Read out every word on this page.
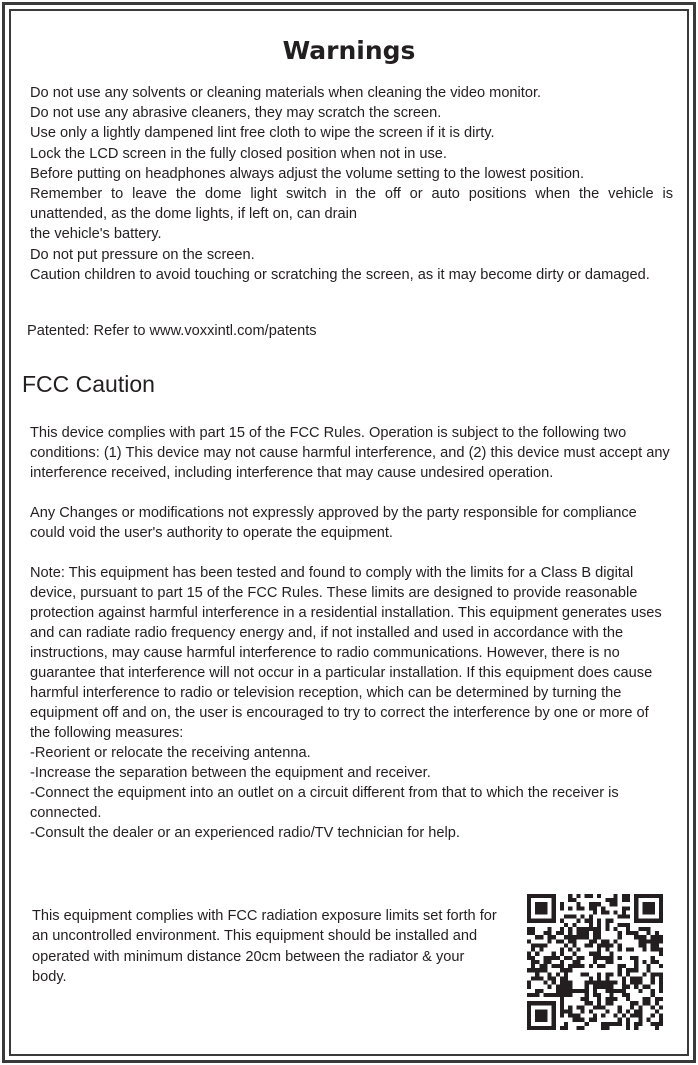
Warnings
Do not use any solvents or cleaning materials when cleaning the video monitor.
Do not use any abrasive cleaners, they may scratch the screen.
Use only a lightly dampened lint free cloth to wipe the screen if it is dirty.
Lock the LCD screen in the fully closed position when not in use.
Before putting on headphones always adjust the volume setting to the lowest position.
Remember to leave the dome light switch in the off or auto positions when the vehicle is unattended, as the dome lights, if left on, can drain
the vehicle's battery.
Do not put pressure on the screen.
Caution children to avoid touching or scratching the screen, as it may become dirty or damaged.

Patented: Refer to www.voxxintl.com/patents

FCC Caution

This device complies with part 15 of the FCC Rules. Operation is subject to the following two conditions: (1) This device may not cause harmful interference, and (2) this device must accept any interference received, including interference that may cause undesired operation.

Any Changes or modifications not expressly approved by the party responsible for compliance could void the user's authority to operate the equipment.

Note: This equipment has been tested and found to comply with the limits for a Class B digital device, pursuant to part 15 of the FCC Rules. These limits are designed to provide reasonable protection against harmful interference in a residential installation. This equipment generates uses and can radiate radio frequency energy and, if not installed and used in accordance with the instructions, may cause harmful interference to radio communications. However, there is no guarantee that interference will not occur in a particular installation. If this equipment does cause harmful interference to radio or television reception, which can be determined by turning the equipment off and on, the user is encouraged to try to correct the interference by one or more of the following measures:

-Reorient or relocate the receiving antenna.
-Increase the separation between the equipment and receiver.
-Connect the equipment into an outlet on a circuit different from that to which the receiver is connected.
-Consult the dealer or an experienced radio/TV technician for help.

This equipment complies with FCC radiation exposure limits set forth for an uncontrolled environment. This equipment should be installed and operated with minimum distance 20cm between the radiator & your body.
